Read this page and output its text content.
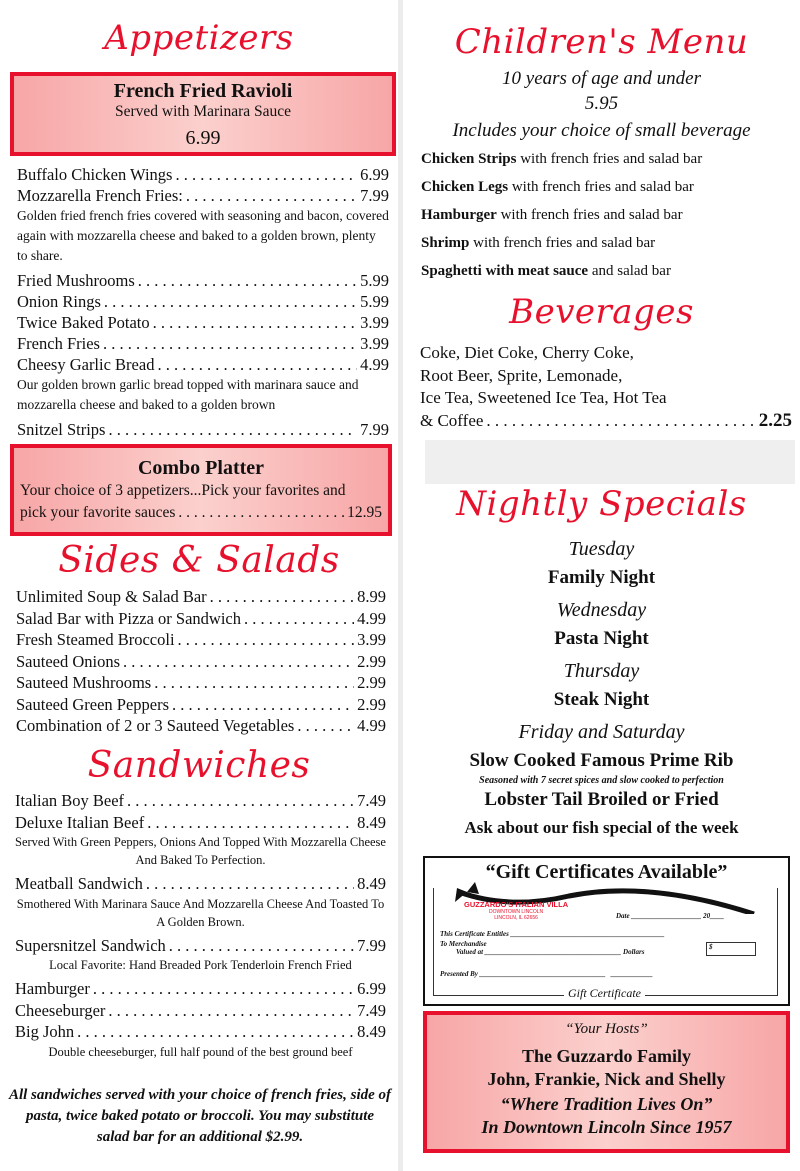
Appetizers
French Fried Ravioli
Served with Marinara Sauce
6.99
Buffalo Chicken Wings . . .	6.99
Mozzarella French Fries: . . .	7.99
Golden fried french fries covered with seasoning and bacon, covered again with mozzarella cheese and baked to a golden brown, plenty to share.
Fried Mushrooms . . .	5.99
Onion Rings . . .	5.99
Twice Baked Potato . . .	3.99
French Fries . . .	3.99
Cheesy Garlic Bread . . .	4.99
Our golden brown garlic bread topped with marinara sauce and mozzarella cheese and baked to a golden brown
Snitzel Strips . . .	7.99
Combo Platter
Your choice of 3 appetizers...Pick your favorites and
pick your favorite sauces . . .	12.95
Sides & Salads
Unlimited Soup & Salad Bar . . .	8.99
Salad Bar with Pizza or Sandwich . . .	4.99
Fresh Steamed Broccoli . . .	3.99
Sauteed Onions . . .	2.99
Sauteed Mushrooms . . .	2.99
Sauteed Green Peppers . . .	2.99
Combination of 2 or 3 Sauteed Vegetables . . .	4.99
Sandwiches
Italian Boy Beef . . .	7.49
Deluxe Italian Beef . . .	8.49
Served With Green Peppers, Onions And Topped With Mozzarella Cheese And Baked To Perfection.
Meatball Sandwich . . .	8.49
Smothered With Marinara Sauce And Mozzarella Cheese And Toasted To A Golden Brown.
Supersnitzel Sandwich . . .	7.99
Local Favorite: Hand Breaded Pork Tenderloin French Fried
Hamburger . . .	6.99
Cheeseburger . . .	7.49
Big John . . .	8.49
Double cheeseburger, full half pound of the best ground beef
All sandwiches served with your choice of french fries, side of pasta, twice baked potato or broccoli. You may substitute salad bar for an additional $2.99.
Children's Menu
10 years of age and under
5.95
Includes your choice of small beverage
Chicken Strips with french fries and salad bar
Chicken Legs with french fries and salad bar
Hamburger with french fries and salad bar
Shrimp with french fries and salad bar
Spaghetti with meat sauce and salad bar
Beverages
Coke, Diet Coke, Cherry Coke,
Root Beer, Sprite, Lemonade,
Ice Tea, Sweetened Ice Tea, Hot Tea
& Coffee . . .	2.25
Nightly Specials
Tuesday
Family Night
Wednesday
Pasta Night
Thursday
Steak Night
Friday and Saturday
Slow Cooked Famous Prime Rib
Seasoned with 7 secret spices and slow cooked to perfection
Lobster Tail Broiled or Fried
Ask about our fish special of the week
“Gift Certificates Available”
GUZZARDO'S ITALIAN VILLA
DOWNTOWN LINCOLN
LINCOLN, IL 62656	Date ____________________ 20____
This Certificate Entitles ____________________________________________
To Merchandise
Valued at _______________________________________ Dollars
$
Presented By ____________________________________   ____________
Gift Certificate
“Your Hosts”
The Guzzardo Family
John, Frankie, Nick and Shelly
“Where Tradition Lives On”
In Downtown Lincoln Since 1957
